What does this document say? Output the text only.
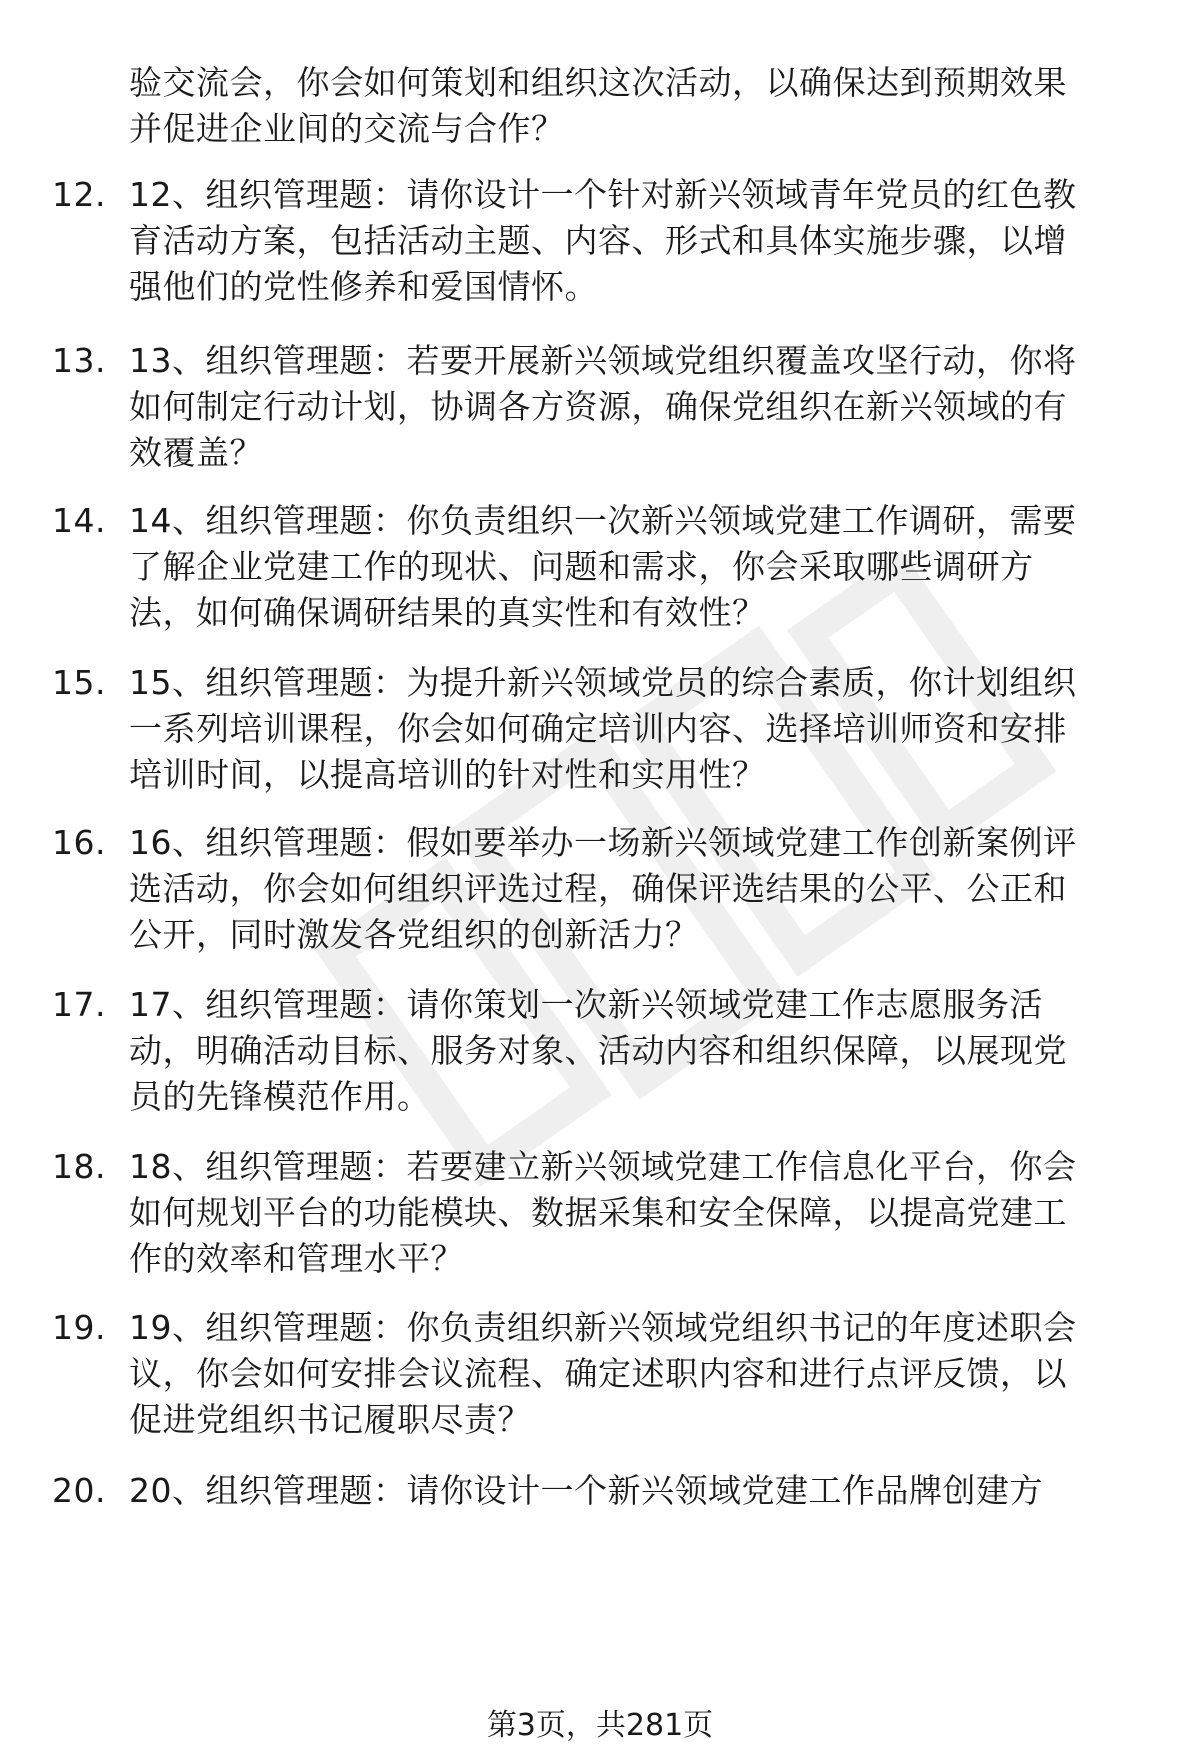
验交流会，你会如何策划和组织这次活动，以确保达到预期效果
并促进企业间的交流与合作？
12. 12、组织管理题：请你设计一个针对新兴领域青年党员的红色教
育活动方案，包括活动主题、内容、形式和具体实施步骤，以增
强他们的党性修养和爱国情怀。
13. 13、组织管理题：若要开展新兴领域党组织覆盖攻坚行动，你将
如何制定行动计划，协调各方资源，确保党组织在新兴领域的有
效覆盖？
14. 14、组织管理题：你负责组织一次新兴领域党建工作调研，需要
了解企业党建工作的现状、问题和需求，你会采取哪些调研方
法，如何确保调研结果的真实性和有效性？
15. 15、组织管理题：为提升新兴领域党员的综合素质，你计划组织
一系列培训课程，你会如何确定培训内容、选择培训师资和安排
培训时间，以提高培训的针对性和实用性？
16. 16、组织管理题：假如要举办一场新兴领域党建工作创新案例评
选活动，你会如何组织评选过程，确保评选结果的公平、公正和
公开，同时激发各党组织的创新活力？
17. 17、组织管理题：请你策划一次新兴领域党建工作志愿服务活
动，明确活动目标、服务对象、活动内容和组织保障，以展现党
员的先锋模范作用。
18. 18、组织管理题：若要建立新兴领域党建工作信息化平台，你会
如何规划平台的功能模块、数据采集和安全保障，以提高党建工
作的效率和管理水平？
19. 19、组织管理题：你负责组织新兴领域党组织书记的年度述职会
议，你会如何安排会议流程、确定述职内容和进行点评反馈，以
促进党组织书记履职尽责？
20. 20、组织管理题：请你设计一个新兴领域党建工作品牌创建方
第3页，共281页
